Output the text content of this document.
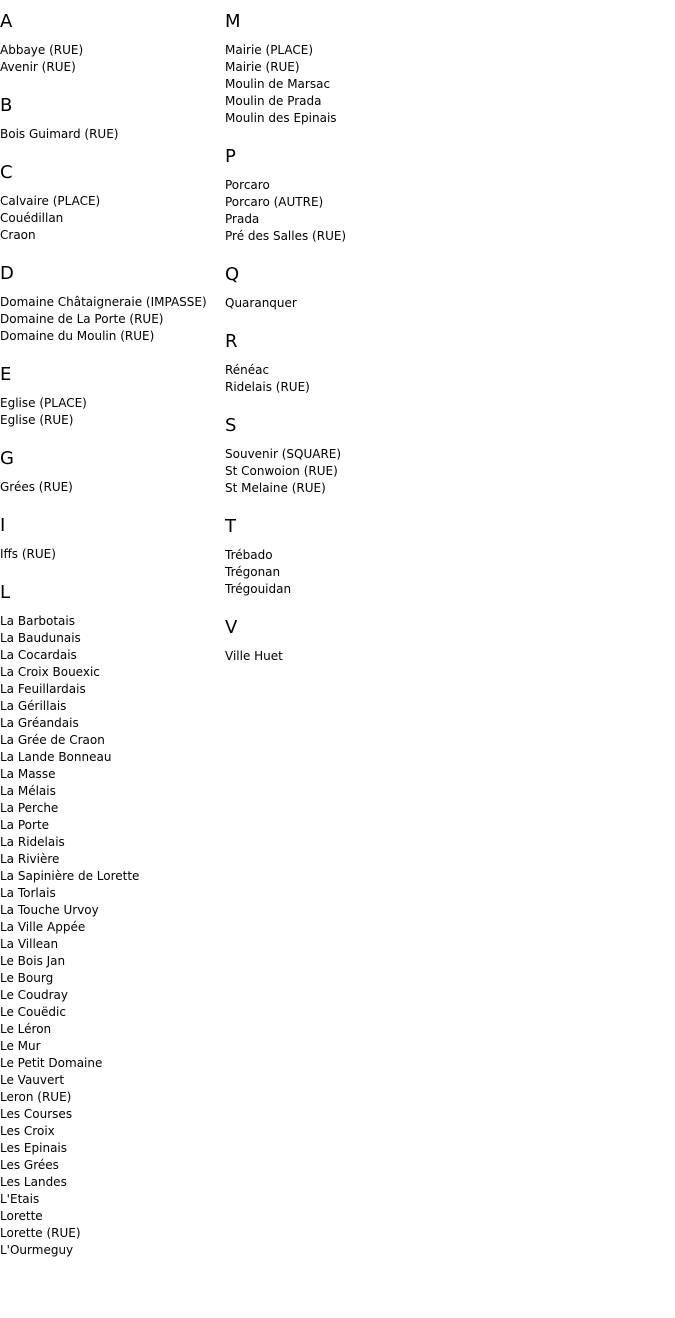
A
Abbaye (RUE)
Avenir (RUE)
B
Bois Guimard (RUE)
C
Calvaire (PLACE)
Couédillan
Craon
D
Domaine Châtaigneraie (IMPASSE)
Domaine de La Porte (RUE)
Domaine du Moulin (RUE)
E
Eglise (PLACE)
Eglise (RUE)
G
Grées (RUE)
I
Iffs (RUE)
L
La Barbotais
La Baudunais
La Cocardais
La Croix Bouexic
La Feuillardais
La Gérillais
La Gréandais
La Grée de Craon
La Lande Bonneau
La Masse
La Mélais
La Perche
La Porte
La Ridelais
La Rivière
La Sapinière de Lorette
La Torlais
La Touche Urvoy
La Ville Appée
La Villean
Le Bois Jan
Le Bourg
Le Coudray
Le Couëdic
Le Léron
Le Mur
Le Petit Domaine
Le Vauvert
Leron (RUE)
Les Courses
Les Croix
Les Epinais
Les Grées
Les Landes
L'Etais
Lorette
Lorette (RUE)
L'Ourmeguy
M
Mairie (PLACE)
Mairie (RUE)
Moulin de Marsac
Moulin de Prada
Moulin des Epinais
P
Porcaro
Porcaro (AUTRE)
Prada
Pré des Salles (RUE)
Q
Quaranquer
R
Rénéac
Ridelais (RUE)
S
Souvenir (SQUARE)
St Conwoion (RUE)
St Melaine (RUE)
T
Trébado
Trégonan
Trégouidan
V
Ville Huet
